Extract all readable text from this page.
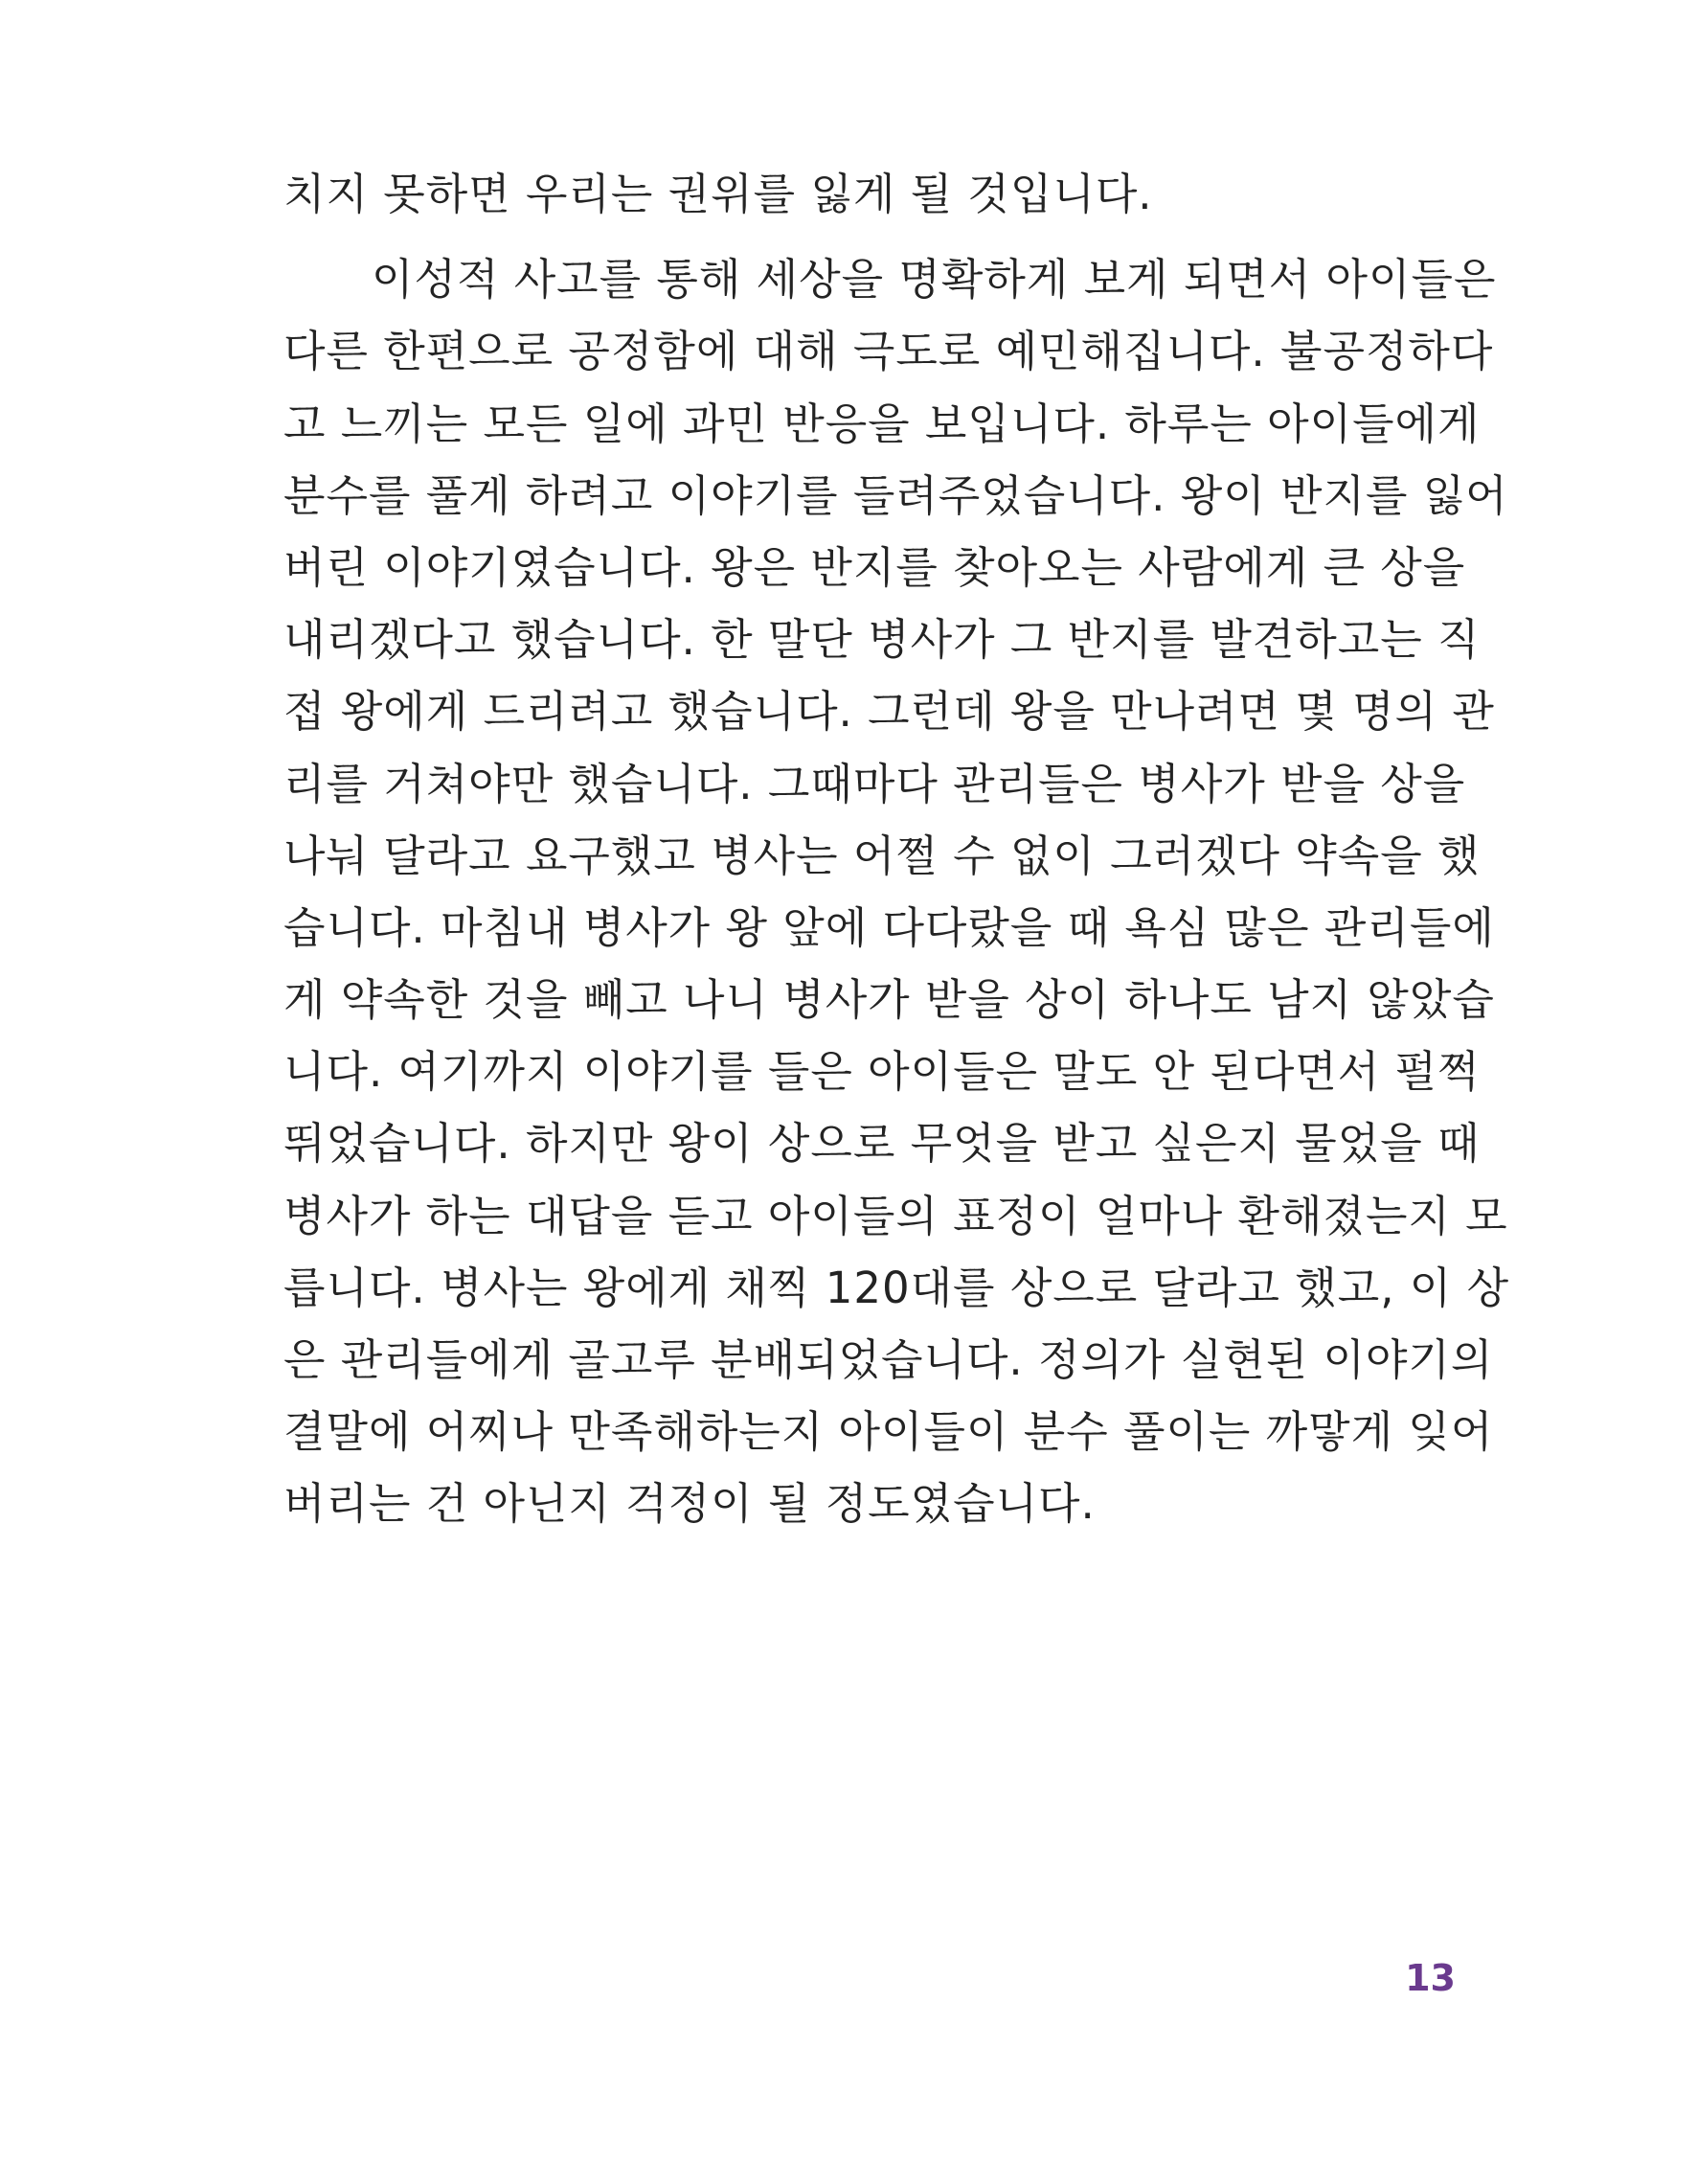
치지 못하면 우리는 권위를 잃게 될 것입니다.
이성적 사고를 통해 세상을 명확하게 보게 되면서 아이들은
다른 한편으로 공정함에 대해 극도로 예민해집니다. 불공정하다
고 느끼는 모든 일에 과민 반응을 보입니다. 하루는 아이들에게
분수를 풀게 하려고 이야기를 들려주었습니다. 왕이 반지를 잃어
버린 이야기였습니다. 왕은 반지를 찾아오는 사람에게 큰 상을
내리겠다고 했습니다. 한 말단 병사가 그 반지를 발견하고는 직
접 왕에게 드리려고 했습니다. 그런데 왕을 만나려면 몇 명의 관
리를 거쳐야만 했습니다. 그때마다 관리들은 병사가 받을 상을
나눠 달라고 요구했고 병사는 어쩔 수 없이 그러겠다 약속을 했
습니다. 마침내 병사가 왕 앞에 다다랐을 때 욕심 많은 관리들에
게 약속한 것을 빼고 나니 병사가 받을 상이 하나도 남지 않았습
니다. 여기까지 이야기를 들은 아이들은 말도 안 된다면서 펄쩍
뛰었습니다. 하지만 왕이 상으로 무엇을 받고 싶은지 물었을 때
병사가 하는 대답을 듣고 아이들의 표정이 얼마나 환해졌는지 모
릅니다. 병사는 왕에게 채찍 120대를 상으로 달라고 했고, 이 상
은 관리들에게 골고루 분배되었습니다. 정의가 실현된 이야기의
결말에 어찌나 만족해하는지 아이들이 분수 풀이는 까맣게 잊어
버리는 건 아닌지 걱정이 될 정도였습니다.
13
